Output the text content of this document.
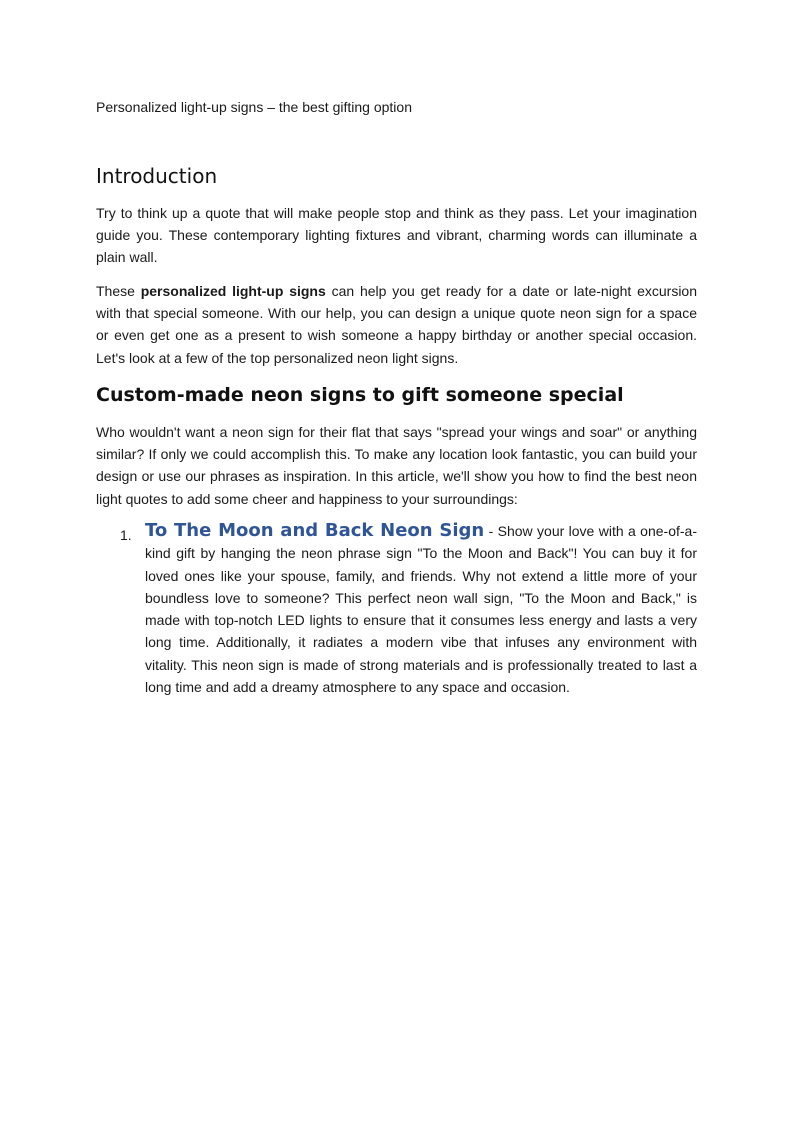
Personalized light-up signs – the best gifting option

Introduction

Try to think up a quote that will make people stop and think as they pass. Let your imagination guide you. These contemporary lighting fixtures and vibrant, charming words can illuminate a plain wall.

These personalized light-up signs can help you get ready for a date or late-night excursion with that special someone. With our help, you can design a unique quote neon sign for a space or even get one as a present to wish someone a happy birthday or another special occasion. Let's look at a few of the top personalized neon light signs.

Custom-made neon signs to gift someone special

Who wouldn't want a neon sign for their flat that says "spread your wings and soar" or anything similar? If only we could accomplish this. To make any location look fantastic, you can build your design or use our phrases as inspiration. In this article, we'll show you how to find the best neon light quotes to add some cheer and happiness to your surroundings:

1. To The Moon and Back Neon Sign - Show your love with a one-of-a-kind gift by hanging the neon phrase sign "To the Moon and Back"! You can buy it for loved ones like your spouse, family, and friends. Why not extend a little more of your boundless love to someone? This perfect neon wall sign, "To the Moon and Back," is made with top-notch LED lights to ensure that it consumes less energy and lasts a very long time. Additionally, it radiates a modern vibe that infuses any environment with vitality. This neon sign is made of strong materials and is professionally treated to last a long time and add a dreamy atmosphere to any space and occasion.
